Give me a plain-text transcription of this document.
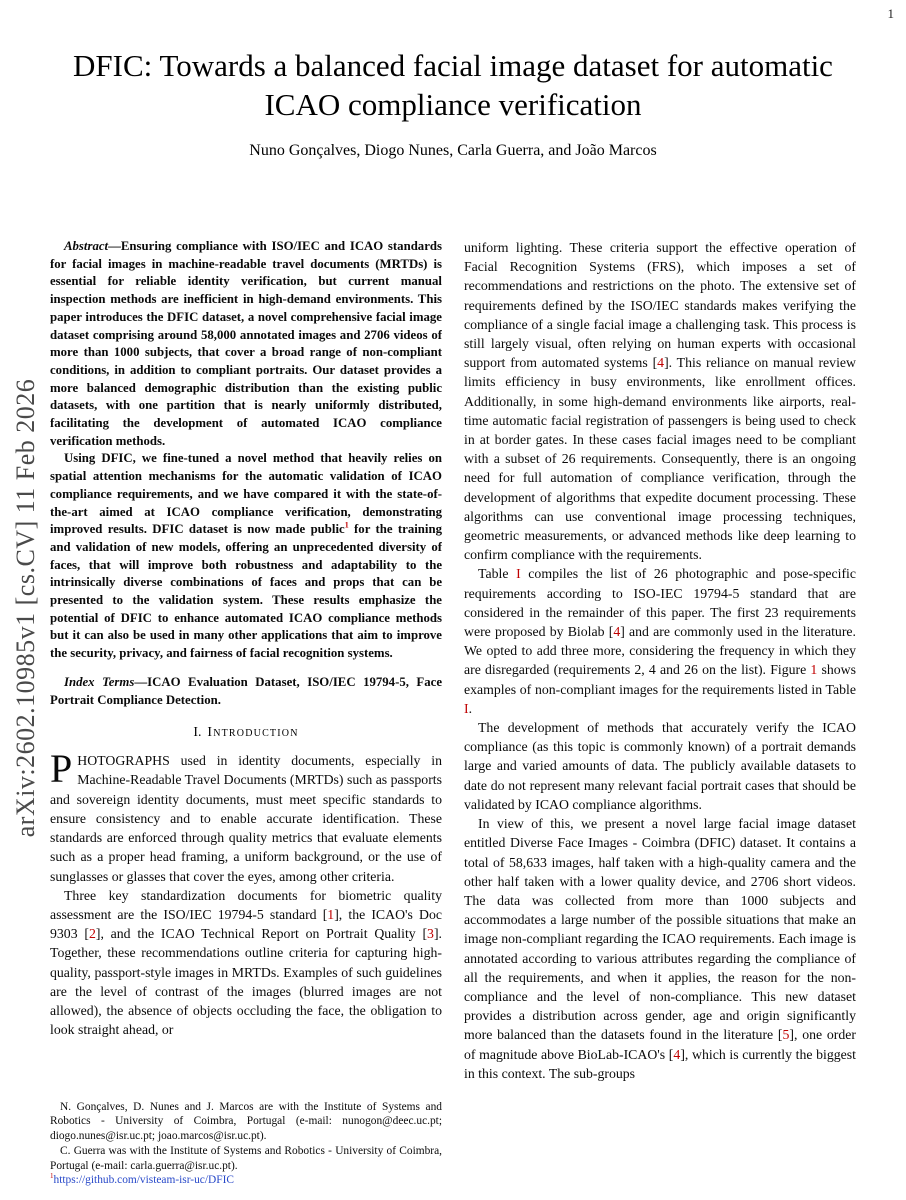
1
arXiv:2602.10985v1 [cs.CV] 11 Feb 2026
DFIC: Towards a balanced facial image dataset for automatic ICAO compliance verification
Nuno Gonçalves, Diogo Nunes, Carla Guerra, and João Marcos

Abstract—Ensuring compliance with ISO/IEC and ICAO standards for facial images in machine-readable travel documents (MRTDs) is essential for reliable identity verification, but current manual inspection methods are inefficient in high-demand environments. This paper introduces the DFIC dataset, a novel comprehensive facial image dataset comprising around 58,000 annotated images and 2706 videos of more than 1000 subjects, that cover a broad range of non-compliant conditions, in addition to compliant portraits. Our dataset provides a more balanced demographic distribution than the existing public datasets, with one partition that is nearly uniformly distributed, facilitating the development of automated ICAO compliance verification methods.

Using DFIC, we fine-tuned a novel method that heavily relies on spatial attention mechanisms for the automatic validation of ICAO compliance requirements, and we have compared it with the state-of-the-art aimed at ICAO compliance verification, demonstrating improved results. DFIC dataset is now made public$^1$ for the training and validation of new models, offering an unprecedented diversity of faces, that will improve both robustness and adaptability to the intrinsically diverse combinations of faces and props that can be presented to the validation system. These results emphasize the potential of DFIC to enhance automated ICAO compliance methods but it can also be used in many other applications that aim to improve the security, privacy, and fairness of facial recognition systems.

Index Terms—ICAO Evaluation Dataset, ISO/IEC 19794-5, Face Portrait Compliance Detection.

I. Introduction

PHOTOGRAPHS used in identity documents, especially in Machine-Readable Travel Documents (MRTDs) such as passports and sovereign identity documents, must meet specific standards to ensure consistency and to enable accurate identification. These standards are enforced through quality metrics that evaluate elements such as a proper head framing, a uniform background, or the use of sunglasses or glasses that cover the eyes, among other criteria.

Three key standardization documents for biometric quality assessment are the ISO/IEC 19794-5 standard [1], the ICAO's Doc 9303 [2], and the ICAO Technical Report on Portrait Quality [3]. Together, these recommendations outline criteria for capturing high-quality, passport-style images in MRTDs. Examples of such guidelines are the level of contrast of the images (blurred images are not allowed), the absence of objects occluding the face, the obligation to look straight ahead, or

uniform lighting. These criteria support the effective operation of Facial Recognition Systems (FRS), which imposes a set of recommendations and restrictions on the photo. The extensive set of requirements defined by the ISO/IEC standards makes verifying the compliance of a single facial image a challenging task. This process is still largely visual, often relying on human experts with occasional support from automated systems [4]. This reliance on manual review limits efficiency in busy environments, like enrollment offices. Additionally, in some high-demand environments like airports, real-time automatic facial registration of passengers is being used to check in at border gates. In these cases facial images need to be compliant with a subset of 26 requirements. Consequently, there is an ongoing need for full automation of compliance verification, through the development of algorithms that expedite document processing. These algorithms can use conventional image processing techniques, geometric measurements, or advanced methods like deep learning to confirm compliance with the requirements.

Table I compiles the list of 26 photographic and pose-specific requirements according to ISO-IEC 19794-5 standard that are considered in the remainder of this paper. The first 23 requirements were proposed by Biolab [4] and are commonly used in the literature. We opted to add three more, considering the frequency in which they are disregarded (requirements 2, 4 and 26 on the list). Figure 1 shows examples of non-compliant images for the requirements listed in Table I.

The development of methods that accurately verify the ICAO compliance (as this topic is commonly known) of a portrait demands large and varied amounts of data. The publicly available datasets to date do not represent many relevant facial portrait cases that should be validated by ICAO compliance algorithms.

In view of this, we present a novel large facial image dataset entitled Diverse Face Images - Coimbra (DFIC) dataset. It contains a total of 58,633 images, half taken with a high-quality camera and the other half taken with a lower quality device, and 2706 short videos. The data was collected from more than 1000 subjects and accommodates a large number of the possible situations that make an image non-compliant regarding the ICAO requirements. Each image is annotated according to various attributes regarding the compliance of all the requirements, and when it applies, the reason for the non-compliance and the level of non-compliance. This new dataset provides a distribution across gender, age and origin significantly more balanced than the datasets found in the literature [5], one order of magnitude above BioLab-ICAO's [4], which is currently the biggest in this context. The sub-groups

N. Gonçalves, D. Nunes and J. Marcos are with the Institute of Systems and Robotics - University of Coimbra, Portugal (e-mail: nunogon@deec.uc.pt; diogo.nunes@isr.uc.pt; joao.marcos@isr.uc.pt).

C. Guerra was with the Institute of Systems and Robotics - University of Coimbra, Portugal (e-mail: carla.guerra@isr.uc.pt).

$^1$https://github.com/visteam-isr-uc/DFIC
